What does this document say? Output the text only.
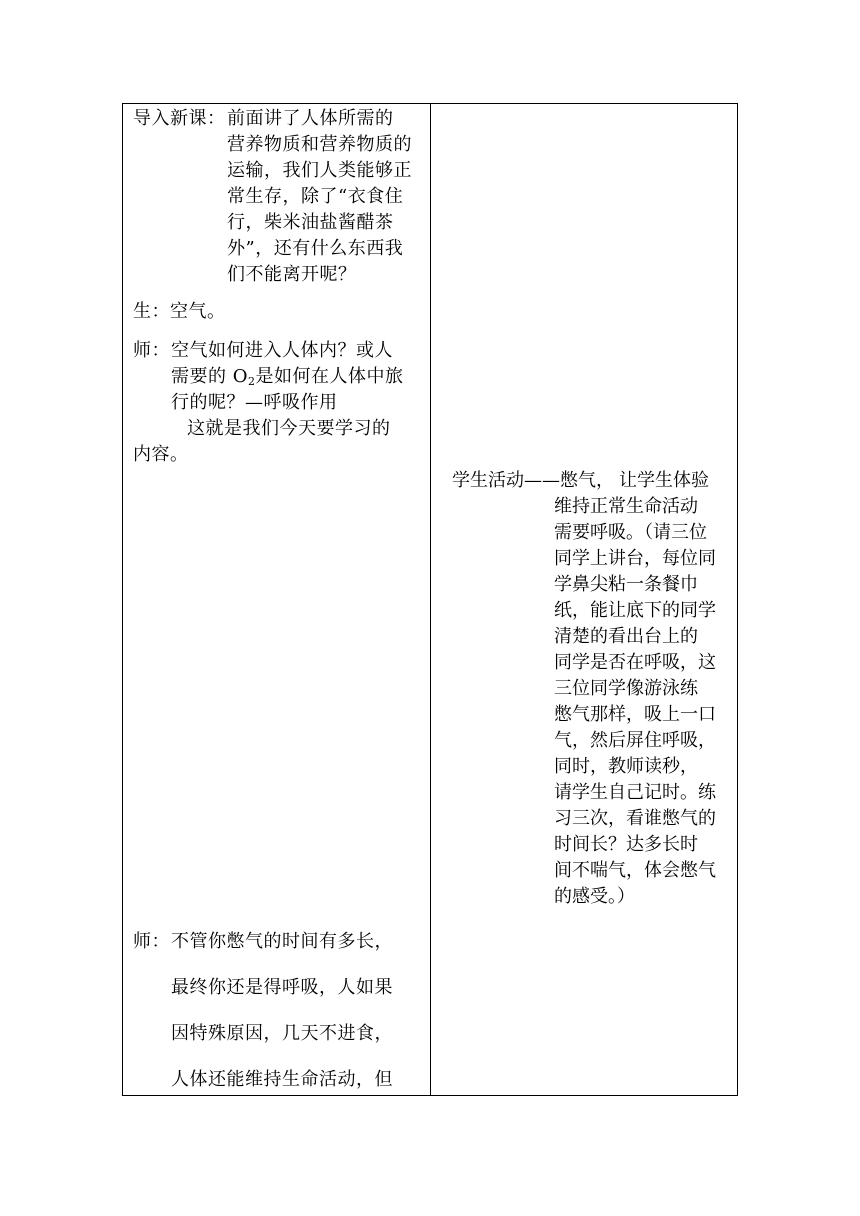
导入新课： 前面讲了人体所需的
营养物质和营养物质的
运输，我们人类能够正
常生存，除了“衣食住
行，柴米油盐酱醋茶
外”，还有什么东西我
们不能离开呢？
生：空气。
师： 空气如何进入人体内？或人
需要的 $O_2$是如何在人体中旅
行的呢？—呼吸作用
这就是我们今天要学习的
内容。
师： 不管你憋气的时间有多长，
最终你还是得呼吸，人如果
因特殊原因，几天不进食，
人体还能维持生命活动，但
学生活动——憋气， 让学生体验
维持正常生命活动
需要呼吸。（请三位
同学上讲台，每位同
学鼻尖粘一条餐巾
纸，能让底下的同学
清楚的看出台上的
同学是否在呼吸，这
三位同学像游泳练
憋气那样，吸上一口
气，然后屏住呼吸，
同时，教师读秒，
请学生自己记时。练
习三次，看谁憋气的
时间长？达多长时
间不喘气，体会憋气
的感受。）
